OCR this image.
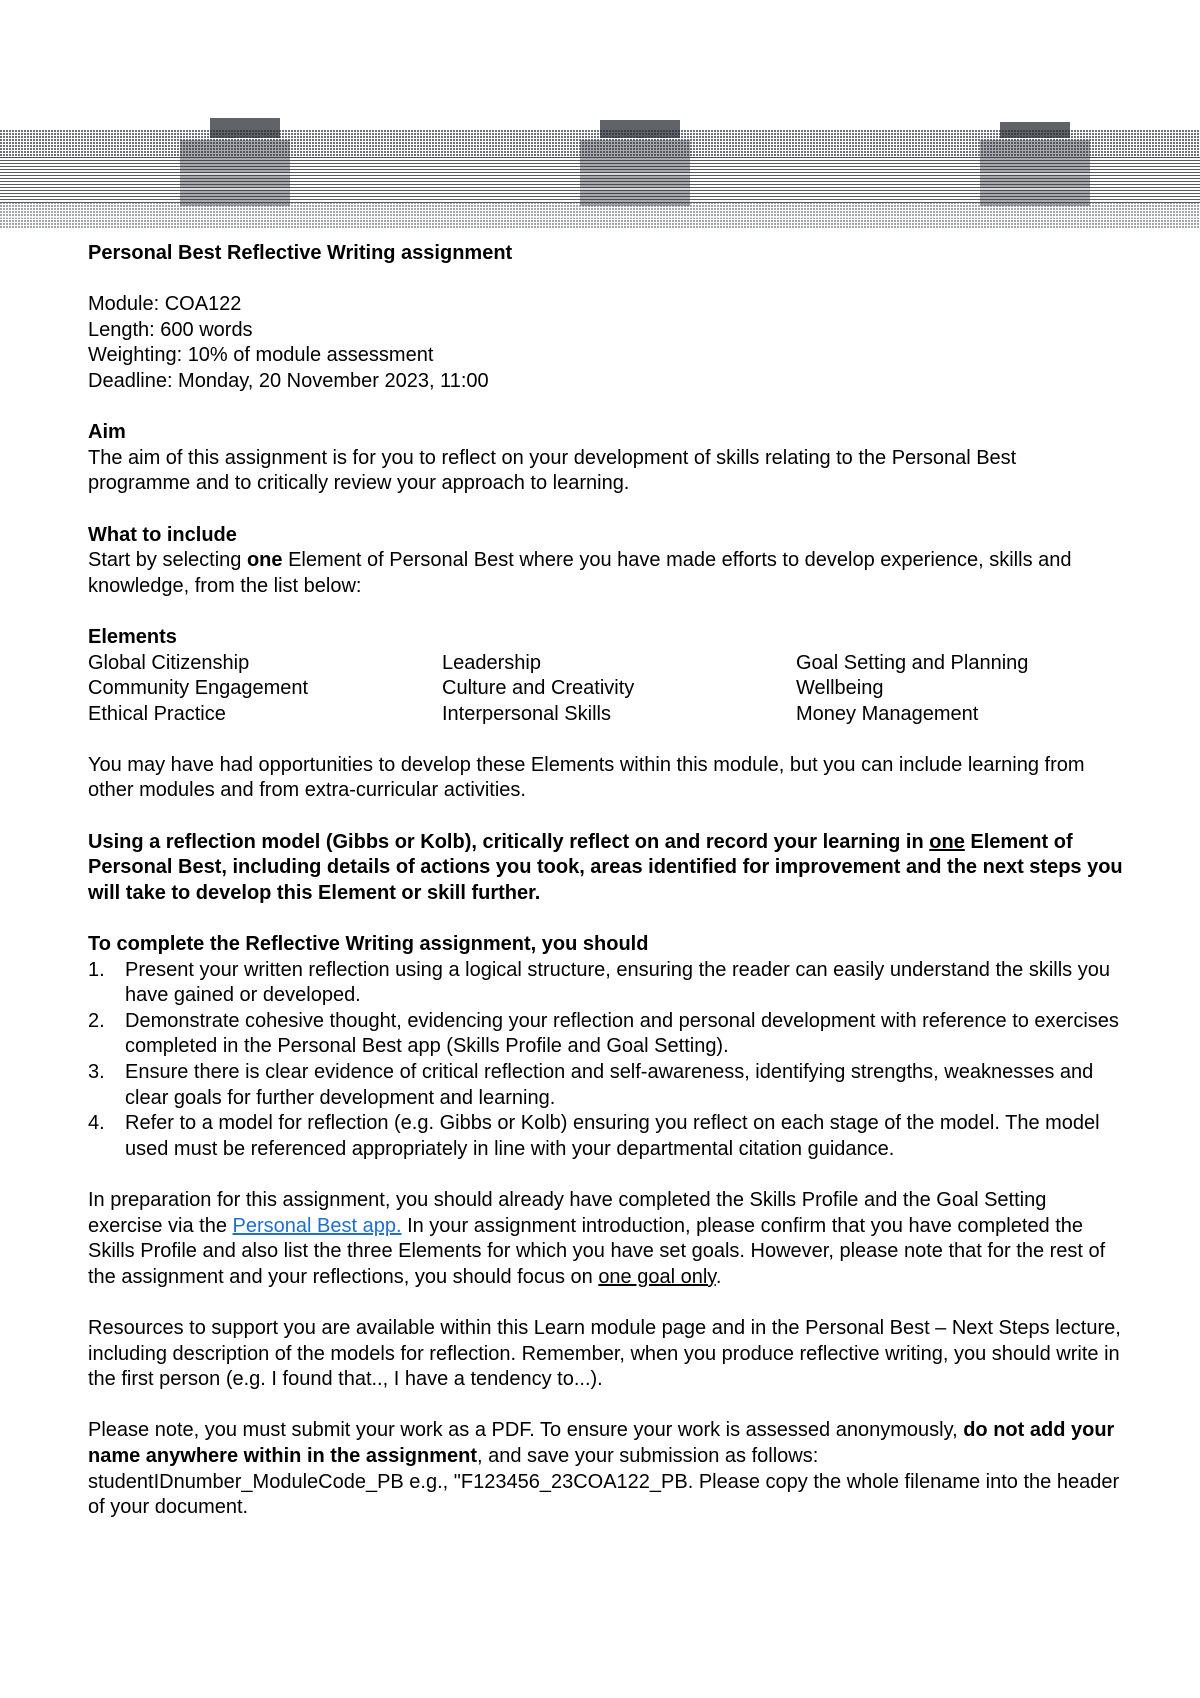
Personal Best Reflective Writing assignment
Module: COA122
Length: 600 words
Weighting: 10% of module assessment
Deadline: Monday, 20 November 2023, 11:00
Aim

The aim of this assignment is for you to reflect on your development of skills relating to the Personal Best programme and to critically review your approach to learning.

What to include

Start by selecting one Element of Personal Best where you have made efforts to develop experience, skills and knowledge, from the list below:

Elements
Global Citizenship	Leadership	Goal Setting and Planning
Community Engagement	Culture and Creativity	Wellbeing
Ethical Practice	Interpersonal Skills	Money Management

You may have had opportunities to develop these Elements within this module, but you can include learning from other modules and from extra-curricular activities.

Using a reflection model (Gibbs or Kolb), critically reflect on and record your learning in one Element of Personal Best, including details of actions you took, areas identified for improvement and the next steps you will take to develop this Element or skill further.

To complete the Reflective Writing assignment, you should
1. Present your written reflection using a logical structure, ensuring the reader can easily understand the skills you have gained or developed.
2. Demonstrate cohesive thought, evidencing your reflection and personal development with reference to exercises completed in the Personal Best app (Skills Profile and Goal Setting).
3. Ensure there is clear evidence of critical reflection and self-awareness, identifying strengths, weaknesses and clear goals for further development and learning.
4. Refer to a model for reflection (e.g. Gibbs or Kolb) ensuring you reflect on each stage of the model. The model used must be referenced appropriately in line with your departmental citation guidance.

In preparation for this assignment, you should already have completed the Skills Profile and the Goal Setting exercise via the Personal Best app. In your assignment introduction, please confirm that you have completed the Skills Profile and also list the three Elements for which you have set goals. However, please note that for the rest of the assignment and your reflections, you should focus on one goal only.

Resources to support you are available within this Learn module page and in the Personal Best – Next Steps lecture, including description of the models for reflection. Remember, when you produce reflective writing, you should write in the first person (e.g. I found that.., I have a tendency to...).

Please note, you must submit your work as a PDF. To ensure your work is assessed anonymously, do not add your name anywhere within in the assignment, and save your submission as follows: studentIDnumber_ModuleCode_PB e.g., "F123456_23COA122_PB. Please copy the whole filename into the header of your document.
